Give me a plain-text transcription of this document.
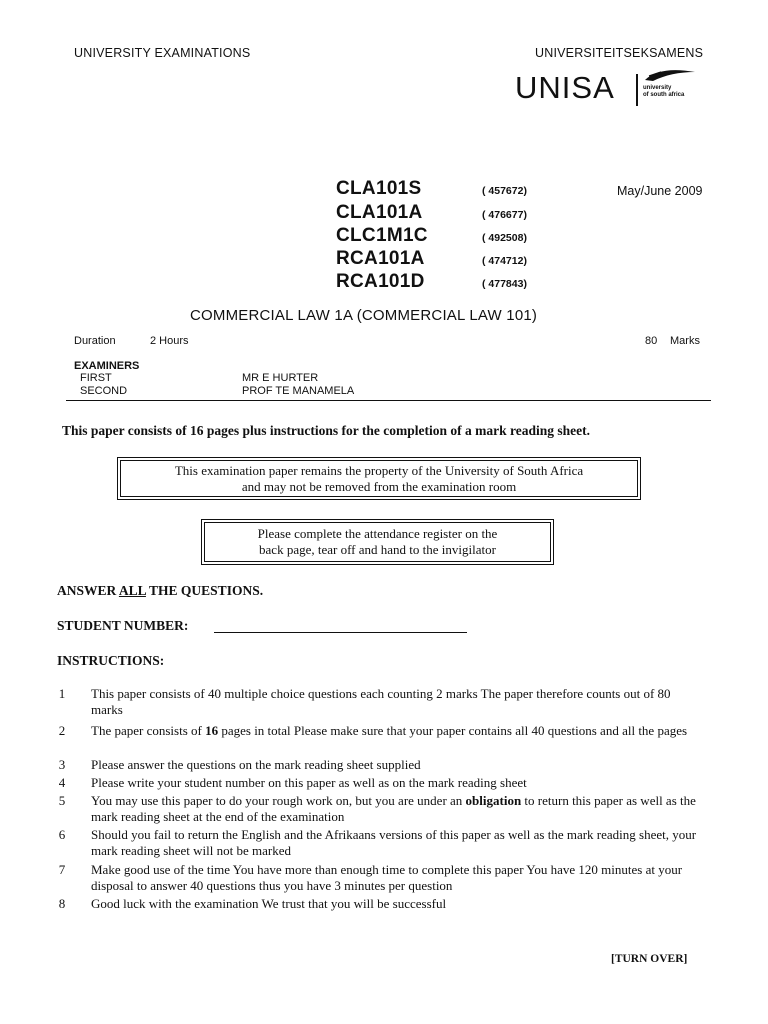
UNIVERSITY EXAMINATIONS	UNIVERSITEITSEKSAMENS
UNISA	university
of south africa
CLA101S	( 457672)
CLA101A	( 476677)
CLC1M1C	( 492508)
RCA101A	( 474712)
RCA101D	( 477843)
May/June 2009
COMMERCIAL LAW 1A (COMMERCIAL LAW 101)
Duration	2 Hours	80 Marks
EXAMINERS
FIRST	MR E HURTER
SECOND	PROF TE MANAMELA
This paper consists of 16 pages plus instructions for the completion of a mark reading sheet.
This examination paper remains the property of the University of South Africa
and may not be removed from the examination room
Please complete the attendance register on the
back page, tear off and hand to the invigilator
ANSWER ALL THE QUESTIONS.
STUDENT NUMBER:
INSTRUCTIONS:
1 This paper consists of 40 multiple choice questions each counting 2 marks The paper therefore counts out of 80 marks
2 The paper consists of 16 pages in total Please make sure that your paper contains all 40 questions and all the pages
3 Please answer the questions on the mark reading sheet supplied
4 Please write your student number on this paper as well as on the mark reading sheet
5 You may use this paper to do your rough work on, but you are under an obligation to return this paper as well as the mark reading sheet at the end of the examination
6 Should you fail to return the English and the Afrikaans versions of this paper as well as the mark reading sheet, your mark reading sheet will not be marked
7 Make good use of the time You have more than enough time to complete this paper You have 120 minutes at your disposal to answer 40 questions thus you have 3 minutes per question
8 Good luck with the examination We trust that you will be successful
[TURN OVER]
